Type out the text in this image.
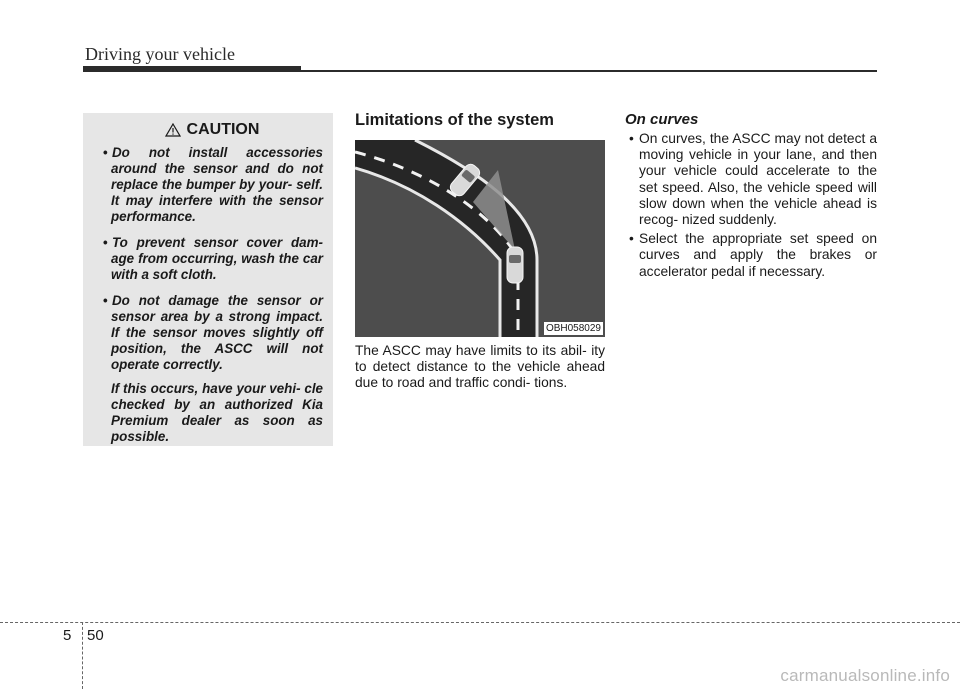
Driving your vehicle
CAUTION
• Do not install accessories around the sensor and do not replace the bumper by your- self. It may interfere with the sensor performance.
• To prevent sensor cover dam- age from occurring, wash the car with a soft cloth.
• Do not damage the sensor or sensor area by a strong impact. If the sensor moves slightly off position, the ASCC will not operate correctly.

If this occurs, have your vehi- cle checked by an authorized Kia Premium dealer as soon as possible.

Limitations of the system
OBH058029

The ASCC may have limits to its abil- ity to detect distance to the vehicle ahead due to road and traffic condi- tions.

On curves
• On curves, the ASCC may not detect a moving vehicle in your lane, and then your vehicle could accelerate to the set speed. Also, the vehicle speed will slow down when the vehicle ahead is recog- nized suddenly.
• Select the appropriate set speed on curves and apply the brakes or accelerator pedal if necessary.
5 50
carmanualsonline.info
